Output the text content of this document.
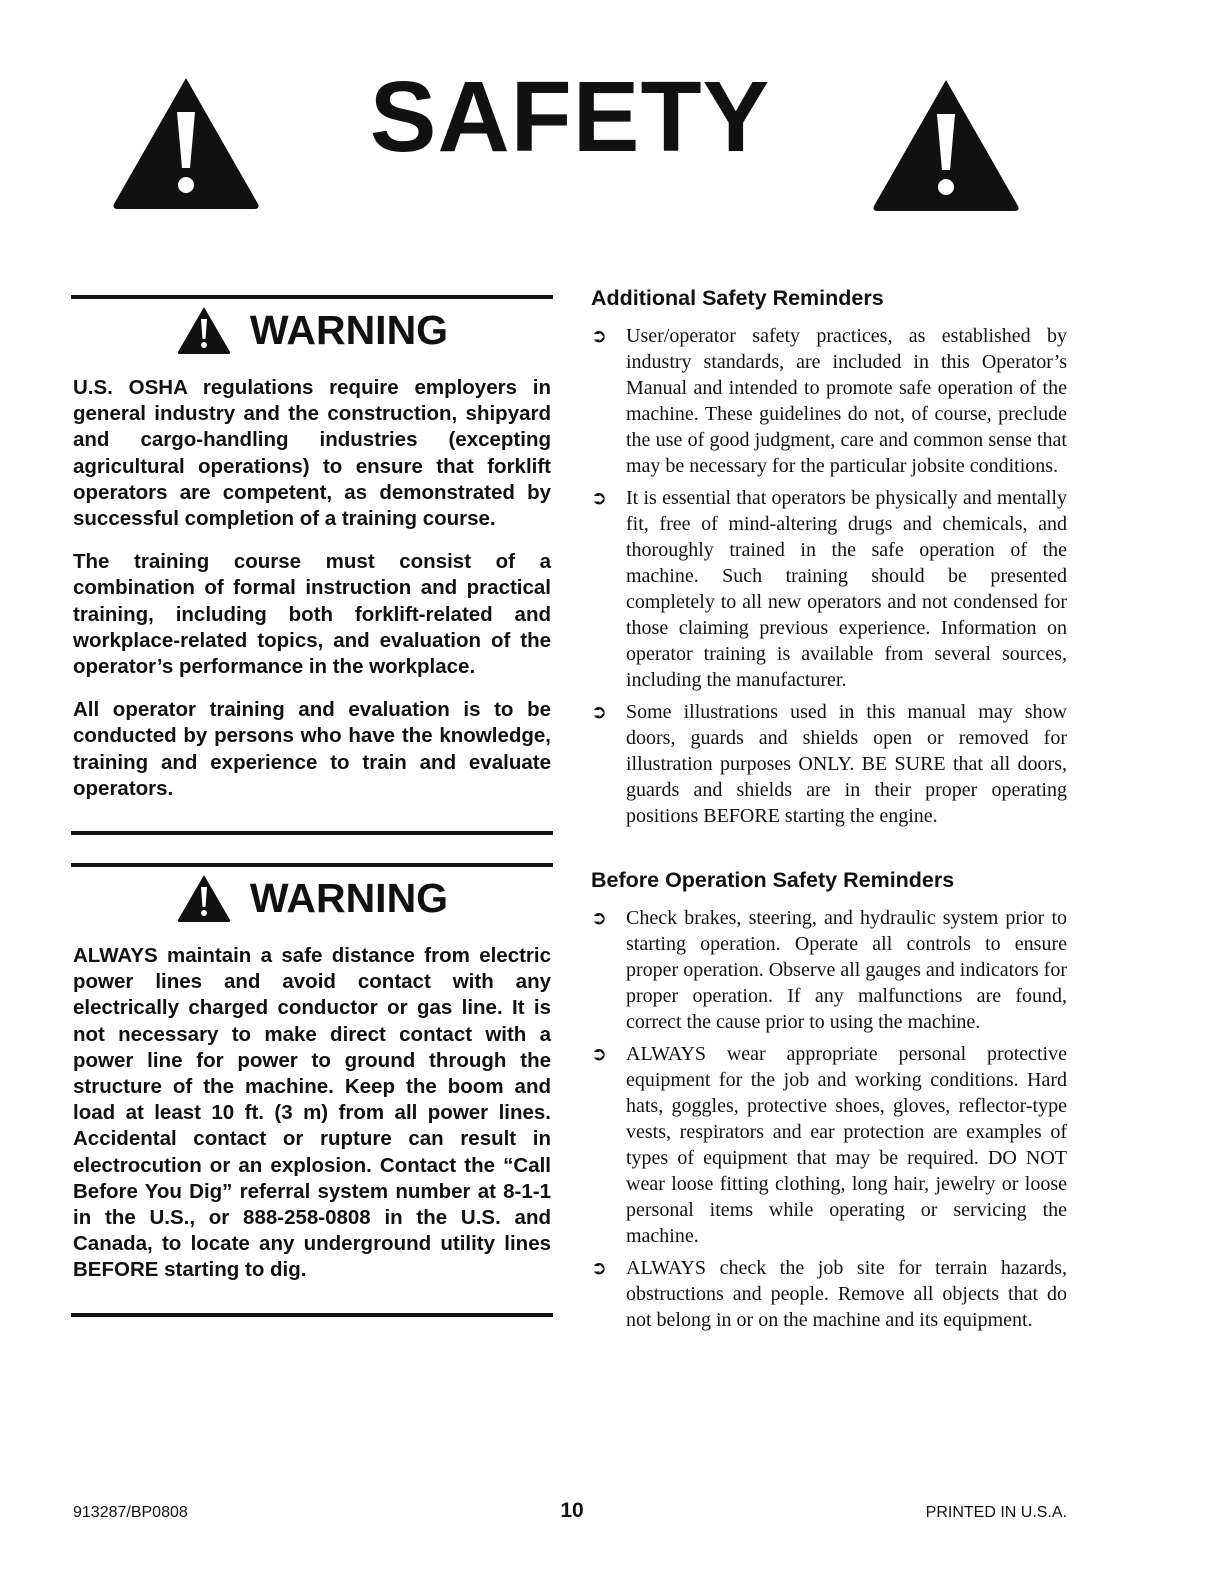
SAFETY
WARNING

U.S. OSHA regulations require employers in general industry and the construction, shipyard and cargo-handling industries (excepting agricultural operations) to ensure that forklift operators are competent, as demonstrated by successful completion of a training course.

The training course must consist of a combination of formal instruction and practical training, including both forklift-related and workplace-related topics, and evaluation of the operator’s performance in the workplace.

All operator training and evaluation is to be conducted by persons who have the knowledge, training and experience to train and evaluate operators.

WARNING

ALWAYS maintain a safe distance from electric power lines and avoid contact with any electrically charged conductor or gas line. It is not necessary to make direct contact with a power line for power to ground through the structure of the machine. Keep the boom and load at least 10 ft. (3 m) from all power lines. Accidental contact or rupture can result in electrocution or an explosion. Contact the “Call Before You Dig” referral system number at 8-1-1 in the U.S., or 888-258-0808 in the U.S. and Canada, to locate any underground utility lines BEFORE starting to dig.

Additional Safety Reminders
➲ User/operator safety practices, as established by industry standards, are included in this Operator’s Manual and intended to promote safe operation of the machine. These guidelines do not, of course, preclude the use of good judgment, care and common sense that may be necessary for the particular jobsite conditions.
➲ It is essential that operators be physically and mentally fit, free of mind-altering drugs and chemicals, and thoroughly trained in the safe operation of the machine. Such training should be presented completely to all new operators and not condensed for those claiming previous experience. Information on operator training is available from several sources, including the manufacturer.
➲ Some illustrations used in this manual may show doors, guards and shields open or removed for illustration purposes ONLY. BE SURE that all doors, guards and shields are in their proper operating positions BEFORE starting the engine.
Before Operation Safety Reminders
➲ Check brakes, steering, and hydraulic system prior to starting operation. Operate all controls to ensure proper operation. Observe all gauges and indicators for proper operation. If any malfunctions are found, correct the cause prior to using the machine.
➲ ALWAYS wear appropriate personal protective equipment for the job and working conditions. Hard hats, goggles, protective shoes, gloves, reflector-type vests, respirators and ear protection are examples of types of equipment that may be required. DO NOT wear loose fitting clothing, long hair, jewelry or loose personal items while operating or servicing the machine.
➲ ALWAYS check the job site for terrain hazards, obstructions and people. Remove all objects that do not belong in or on the machine and its equipment.
913287/BP0808	10	PRINTED IN U.S.A.
